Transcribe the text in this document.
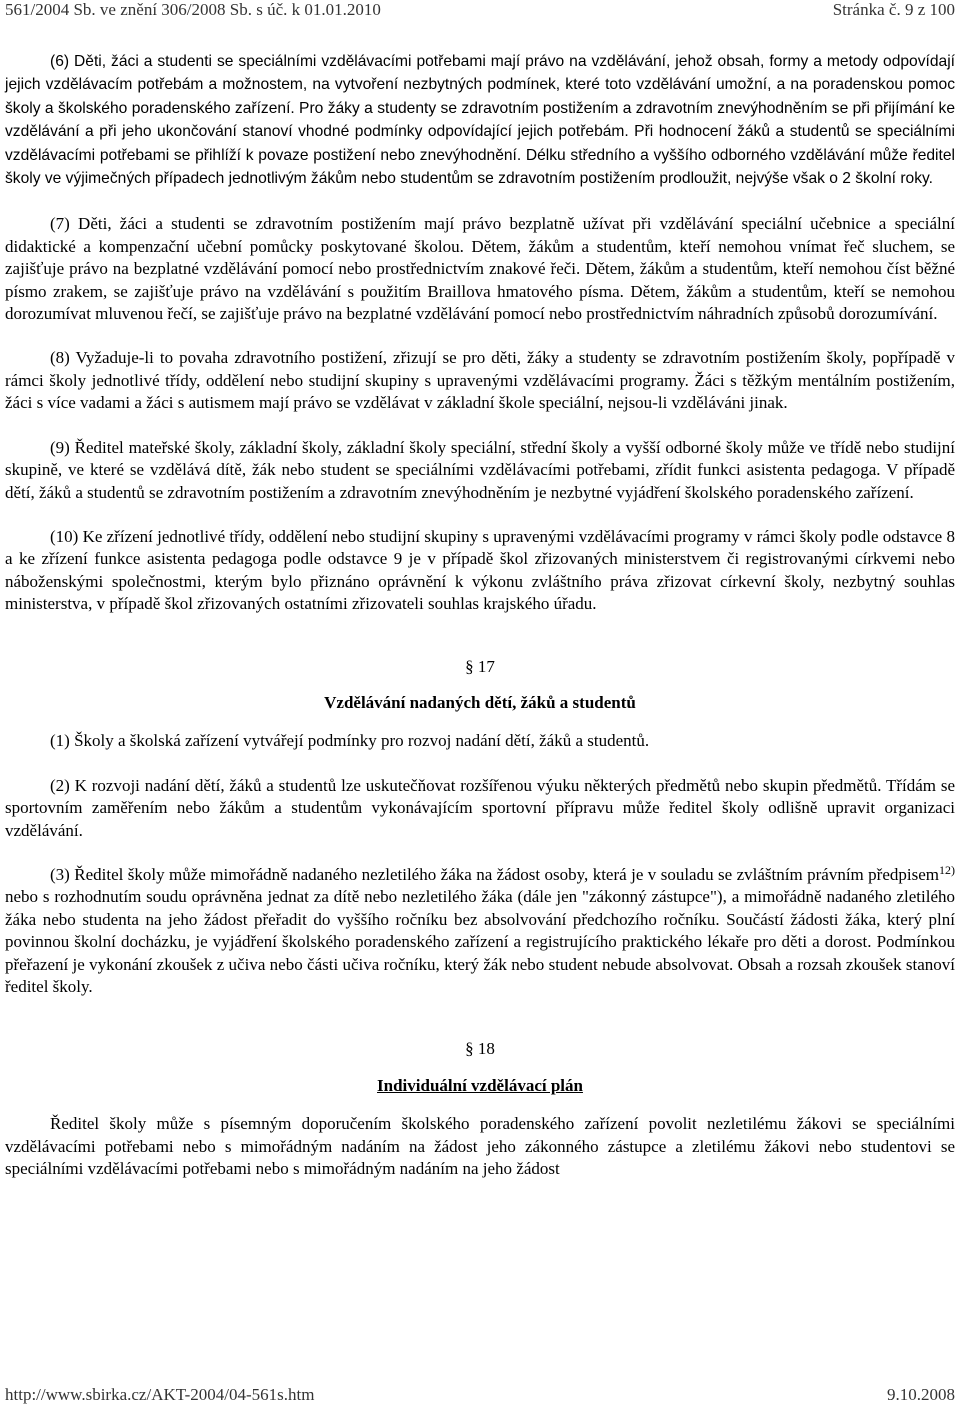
561/2004 Sb. ve znění 306/2008 Sb. s úč. k 01.01.2010	Stránka č. 9 z 100

(6) Děti, žáci a studenti se speciálními vzdělávacími potřebami mají právo na vzdělávání, jehož obsah, formy a metody odpovídají jejich vzdělávacím potřebám a možnostem, na vytvoření nezbytných podmínek, které toto vzdělávání umožní, a na poradenskou pomoc školy a školského poradenského zařízení. Pro žáky a studenty se zdravotním postižením a zdravotním znevýhodněním se při přijímání ke vzdělávání a při jeho ukončování stanoví vhodné podmínky odpovídající jejich potřebám. Při hodnocení žáků a studentů se speciálními vzdělávacími potřebami se přihlíží k povaze postižení nebo znevýhodnění. Délku středního a vyššího odborného vzdělávání může ředitel školy ve výjimečných případech jednotlivým žákům nebo studentům se zdravotním postižením prodloužit, nejvýše však o 2 školní roky.

(7) Děti, žáci a studenti se zdravotním postižením mají právo bezplatně užívat při vzdělávání speciální učebnice a speciální didaktické a kompenzační učební pomůcky poskytované školou. Dětem, žákům a studentům, kteří nemohou vnímat řeč sluchem, se zajišťuje právo na bezplatné vzdělávání pomocí nebo prostřednictvím znakové řeči. Dětem, žákům a studentům, kteří nemohou číst běžné písmo zrakem, se zajišťuje právo na vzdělávání s použitím Braillova hmatového písma. Dětem, žákům a studentům, kteří se nemohou dorozumívat mluvenou řečí, se zajišťuje právo na bezplatné vzdělávání pomocí nebo prostřednictvím náhradních způsobů dorozumívání.

(8) Vyžaduje-li to povaha zdravotního postižení, zřizují se pro děti, žáky a studenty se zdravotním postižením školy, popřípadě v rámci školy jednotlivé třídy, oddělení nebo studijní skupiny s upravenými vzdělávacími programy. Žáci s těžkým mentálním postižením, žáci s více vadami a žáci s autismem mají právo se vzdělávat v základní škole speciální, nejsou-li vzděláváni jinak.

(9) Ředitel mateřské školy, základní školy, základní školy speciální, střední školy a vyšší odborné školy může ve třídě nebo studijní skupině, ve které se vzdělává dítě, žák nebo student se speciálními vzdělávacími potřebami, zřídit funkci asistenta pedagoga. V případě dětí, žáků a studentů se zdravotním postižením a zdravotním znevýhodněním je nezbytné vyjádření školského poradenského zařízení.

(10) Ke zřízení jednotlivé třídy, oddělení nebo studijní skupiny s upravenými vzdělávacími programy v rámci školy podle odstavce 8 a ke zřízení funkce asistenta pedagoga podle odstavce 9 je v případě škol zřizovaných ministerstvem či registrovanými církvemi nebo náboženskými společnostmi, kterým bylo přiznáno oprávnění k výkonu zvláštního práva zřizovat církevní školy, nezbytný souhlas ministerstva, v případě škol zřizovaných ostatními zřizovateli souhlas krajského úřadu.

§ 17
Vzdělávání nadaných dětí, žáků a studentů

(1) Školy a školská zařízení vytvářejí podmínky pro rozvoj nadání dětí, žáků a studentů.

(2) K rozvoji nadání dětí, žáků a studentů lze uskutečňovat rozšířenou výuku některých předmětů nebo skupin předmětů. Třídám se sportovním zaměřením nebo žákům a studentům vykonávajícím sportovní přípravu může ředitel školy odlišně upravit organizaci vzdělávání.

(3) Ředitel školy může mimořádně nadaného nezletilého žáka na žádost osoby, která je v souladu se zvláštním právním předpisem$^{12)}$ nebo s rozhodnutím soudu oprávněna jednat za dítě nebo nezletilého žáka (dále jen "zákonný zástupce"), a mimořádně nadaného zletilého žáka nebo studenta na jeho žádost přeřadit do vyššího ročníku bez absolvování předchozího ročníku. Součástí žádosti žáka, který plní povinnou školní docházku, je vyjádření školského poradenského zařízení a registrujícího praktického lékaře pro děti a dorost. Podmínkou přeřazení je vykonání zkoušek z učiva nebo části učiva ročníku, který žák nebo student nebude absolvovat. Obsah a rozsah zkoušek stanoví ředitel školy.

§ 18
Individuální vzdělávací plán

Ředitel školy může s písemným doporučením školského poradenského zařízení povolit nezletilému žákovi se speciálními vzdělávacími potřebami nebo s mimořádným nadáním na žádost jeho zákonného zástupce a zletilému žákovi nebo studentovi se speciálními vzdělávacími potřebami nebo s mimořádným nadáním na jeho žádost

http://www.sbirka.cz/AKT-2004/04-561s.htm	9.10.2008
